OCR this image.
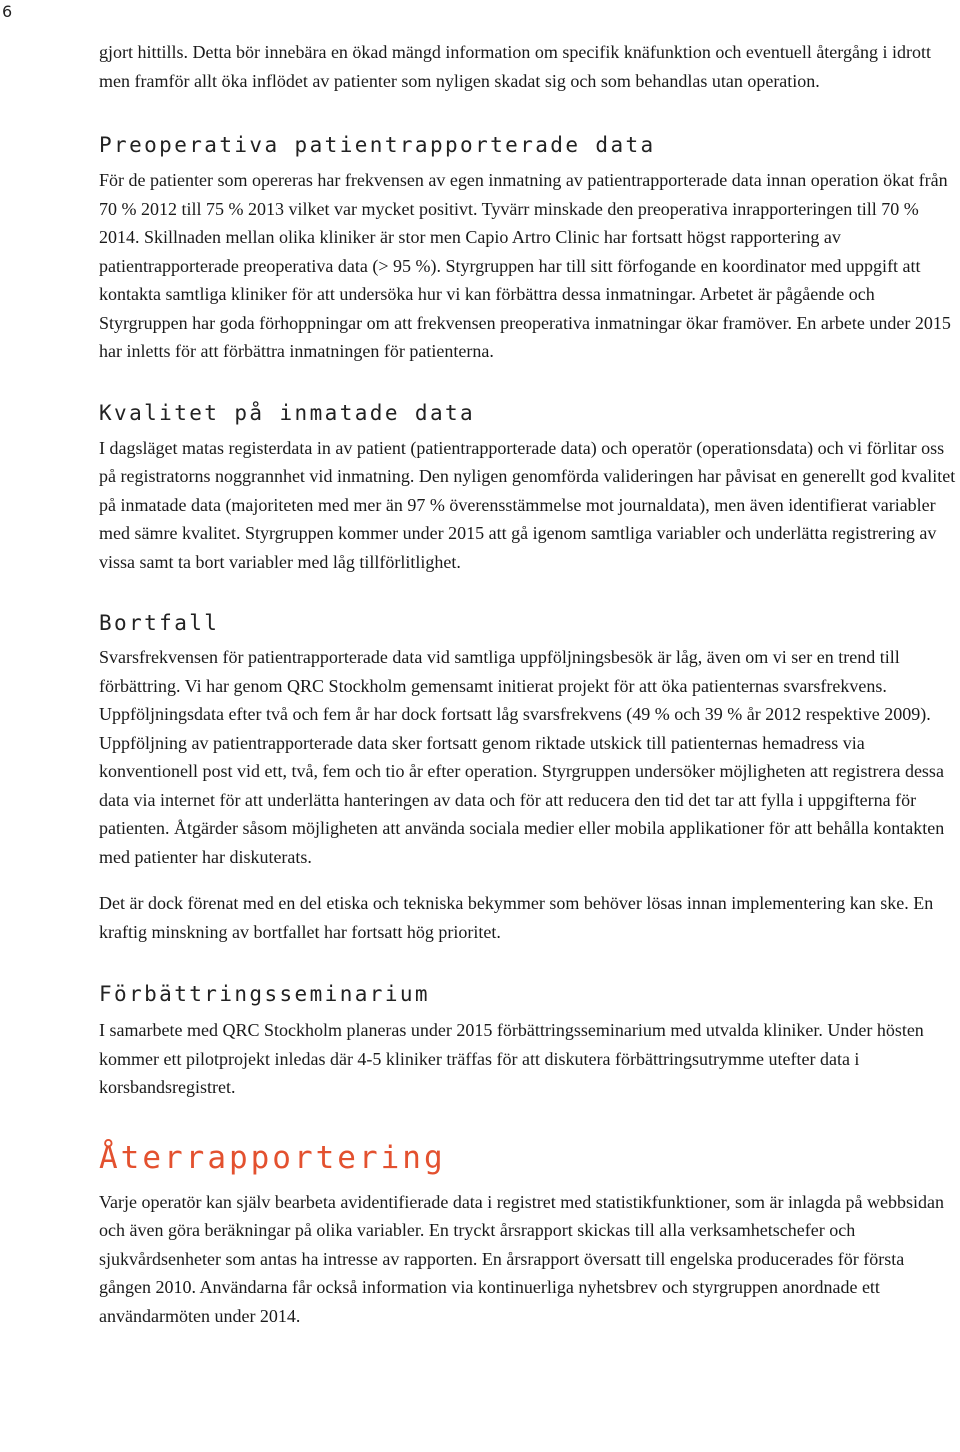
6

gjort hittills. Detta bör innebära en ökad mängd information om specifik knäfunktion och eventuell återgång i idrott men framför allt öka inflödet av patienter som nyligen skadat sig och som behandlas utan operation.

Preoperativa patientrapporterade data

För de patienter som opereras har frekvensen av egen inmatning av patientrapporterade data innan operation ökat från 70 % 2012 till 75 % 2013 vilket var mycket positivt. Tyvärr minskade den preoperativa inrapporteringen till 70 % 2014. Skillnaden mellan olika kliniker är stor men Capio Artro Clinic har fortsatt högst rapportering av patientrapporterade preoperativa data (> 95 %). Styrgruppen har till sitt förfogande en koordinator med uppgift att kontakta samtliga kliniker för att undersöka hur vi kan förbättra dessa inmatningar. Arbetet är pågående och Styrgruppen har goda förhoppningar om att frekvensen preoperativa inmatningar ökar framöver. En arbete under 2015 har inletts för att förbättra inmatningen för patienterna.

Kvalitet på inmatade data

I dagsläget matas registerdata in av patient (patientrapporterade data) och operatör (operationsdata) och vi förlitar oss på registratorns noggrannhet vid inmatning. Den nyligen genomförda valideringen har påvisat en generellt god kvalitet på inmatade data (majoriteten med mer än 97 % överensstämmelse mot journaldata), men även identifierat variabler med sämre kvalitet. Styrgruppen kommer under 2015 att gå igenom samtliga variabler och underlätta registrering av vissa samt ta bort variabler med låg tillförlitlighet.

Bortfall

Svarsfrekvensen för patientrapporterade data vid samtliga uppföljningsbesök är låg, även om vi ser en trend till förbättring. Vi har genom QRC Stockholm gemensamt initierat projekt för att öka patienternas svarsfrekvens. Uppföljningsdata efter två och fem år har dock fortsatt låg svarsfrekvens (49 % och 39 % år 2012 respektive 2009). Uppföljning av patientrapporterade data sker fortsatt genom riktade utskick till patienternas hemadress via konventionell post vid ett, två, fem och tio år efter operation. Styrgruppen undersöker möjligheten att registrera dessa data via internet för att underlätta hanteringen av data och för att reducera den tid det tar att fylla i uppgifterna för patienten. Åtgärder såsom möjligheten att använda sociala medier eller mobila applikationer för att behålla kontakten med patienter har diskuterats.

Det är dock förenat med en del etiska och tekniska bekymmer som behöver lösas innan implementering kan ske. En kraftig minskning av bortfallet har fortsatt hög prioritet.

Förbättringsseminarium

I samarbete med QRC Stockholm planeras under 2015 förbättringsseminarium med utvalda kliniker. Under hösten kommer ett pilotprojekt inledas där 4-5 kliniker träffas för att diskutera förbättringsutrymme utefter data i korsbandsregistret.

Återrapportering

Varje operatör kan själv bearbeta avidentifierade data i registret med statistikfunktioner, som är inlagda på webbsidan och även göra beräkningar på olika variabler. En tryckt årsrapport skickas till alla verksamhetschefer och sjukvårdsenheter som antas ha intresse av rapporten. En årsrapport översatt till engelska producerades för första gången 2010. Användarna får också information via kontinuerliga nyhetsbrev och styrgruppen anordnade ett användarmöten under 2014.
